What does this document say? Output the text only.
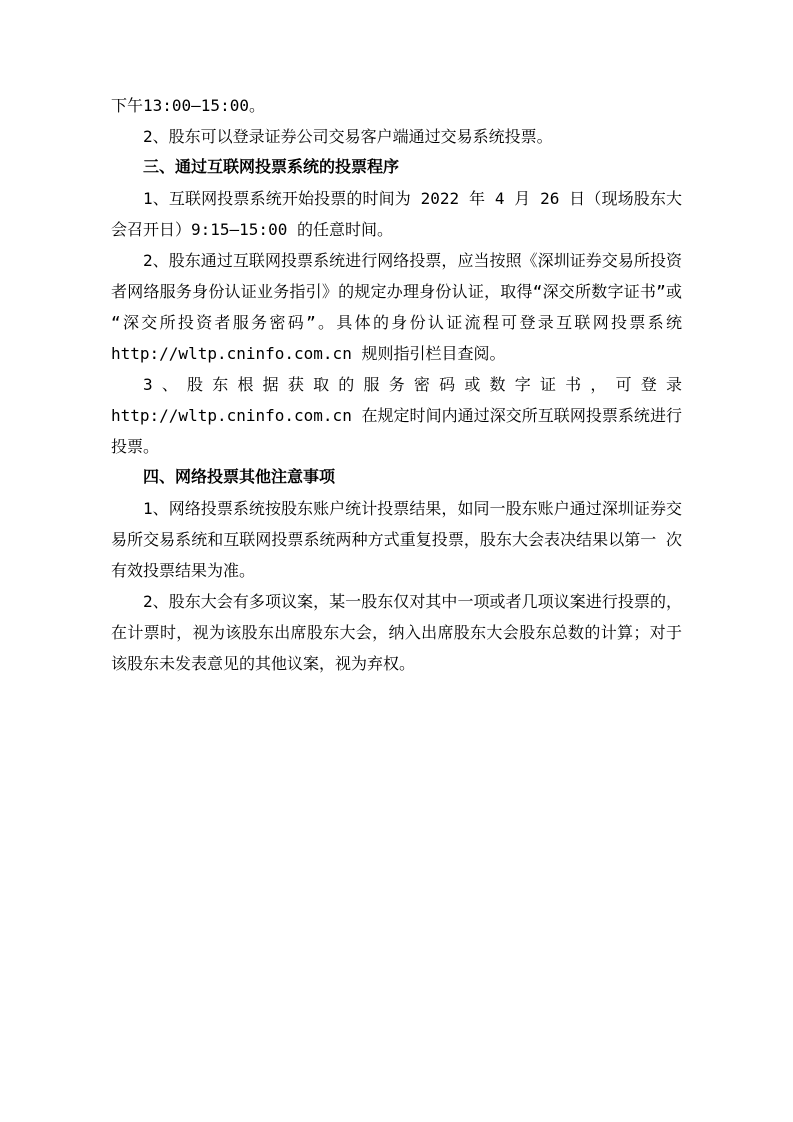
下午13:00—15:00。

2、股东可以登录证券公司交易客户端通过交易系统投票。

三、通过互联网投票系统的投票程序

1、互联网投票系统开始投票的时间为 2022 年 4 月 26 日（现场股东大会召开日）9:15—15:00 的任意时间。

2、股东通过互联网投票系统进行网络投票，应当按照《深圳证券交易所投资者网络服务身份认证业务指引》的规定办理身份认证，取得“深交所数字证书”或“深交所投资者服务密码”。具体的身份认证流程可登录互联网投票系统 http://wltp.cninfo.com.cn 规则指引栏目查阅。

3、股东根据获取的服务密码或数字证书，可登录 http://wltp.cninfo.com.cn 在规定时间内通过深交所互联网投票系统进行投票。

四、网络投票其他注意事项

1、网络投票系统按股东账户统计投票结果，如同一股东账户通过深圳证券交易所交易系统和互联网投票系统两种方式重复投票，股东大会表决结果以第一 次有效投票结果为准。

2、股东大会有多项议案，某一股东仅对其中一项或者几项议案进行投票的，在计票时，视为该股东出席股东大会，纳入出席股东大会股东总数的计算；对于该股东未发表意见的其他议案，视为弃权。
